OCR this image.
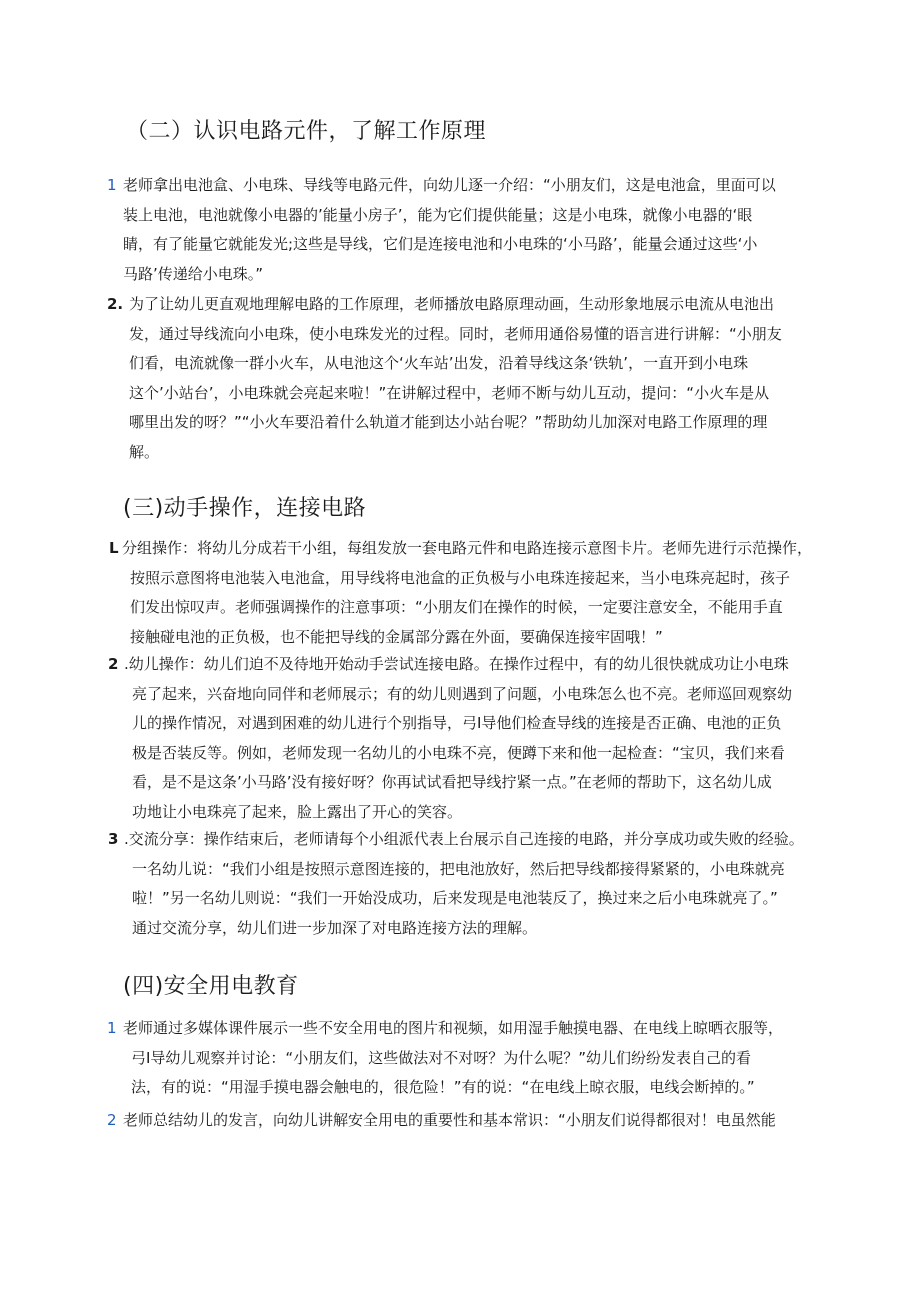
（二）认识电路元件，了解工作原理
1 老师拿出电池盒、小电珠、导线等电路元件，向幼儿逐一介绍：“小朋友们，这是电池盒，里面可以
装上电池，电池就像小电器的’能量小房子’，能为它们提供能量；这是小电珠，就像小电器的‘眼
睛，有了能量它就能发光;这些是导线，它们是连接电池和小电珠的‘小马路’，能量会通过这些‘小
马路’传递给小电珠。”
2. 为了让幼儿更直观地理解电路的工作原理，老师播放电路原理动画，生动形象地展示电流从电池出
发，通过导线流向小电珠，使小电珠发光的过程。同时，老师用通俗易懂的语言进行讲解：“小朋友
们看，电流就像一群小火车，从电池这个‘火车站’出发，沿着导线这条‘铁轨’，一直开到小电珠
这个’小站台’，小电珠就会亮起来啦！”在讲解过程中，老师不断与幼儿互动，提问：“小火车是从
哪里出发的呀？”“小火车要沿着什么轨道才能到达小站台呢？”帮助幼儿加深对电路工作原理的理
解。
(三)动手操作，连接电路
L 分组操作：将幼儿分成若干小组，每组发放一套电路元件和电路连接示意图卡片。老师先进行示范操作，
按照示意图将电池装入电池盒，用导线将电池盒的正负极与小电珠连接起来，当小电珠亮起时，孩子
们发出惊叹声。老师强调操作的注意事项：“小朋友们在操作的时候，一定要注意安全，不能用手直
接触碰电池的正负极，也不能把导线的金属部分露在外面，要确保连接牢固哦！”
2 .幼儿操作：幼儿们迫不及待地开始动手尝试连接电路。在操作过程中，有的幼儿很快就成功让小电珠
亮了起来，兴奋地向同伴和老师展示；有的幼儿则遇到了问题，小电珠怎么也不亮。老师巡回观察幼
儿的操作情况，对遇到困难的幼儿进行个别指导，弓I导他们检查导线的连接是否正确、电池的正负
极是否装反等。例如，老师发现一名幼儿的小电珠不亮，便蹲下来和他一起检查：“宝贝，我们来看
看，是不是这条’小马路’没有接好呀？你再试试看把导线拧紧一点。”在老师的帮助下，这名幼儿成
功地让小电珠亮了起来，脸上露出了开心的笑容。
3 .交流分享：操作结束后，老师请每个小组派代表上台展示自己连接的电路，并分享成功或失败的经验。
一名幼儿说：“我们小组是按照示意图连接的，把电池放好，然后把导线都接得紧紧的，小电珠就亮
啦！”另一名幼儿则说：“我们一开始没成功，后来发现是电池装反了，换过来之后小电珠就亮了。”
通过交流分享，幼儿们进一步加深了对电路连接方法的理解。
(四)安全用电教育
1 老师通过多媒体课件展示一些不安全用电的图片和视频，如用湿手触摸电器、在电线上晾晒衣服等，
弓I导幼儿观察并讨论：“小朋友们，这些做法对不对呀？为什么呢？”幼儿们纷纷发表自己的看
法，有的说：“用湿手摸电器会触电的，很危险！”有的说：“在电线上晾衣服，电线会断掉的。”
2 老师总结幼儿的发言，向幼儿讲解安全用电的重要性和基本常识：“小朋友们说得都很对！电虽然能
